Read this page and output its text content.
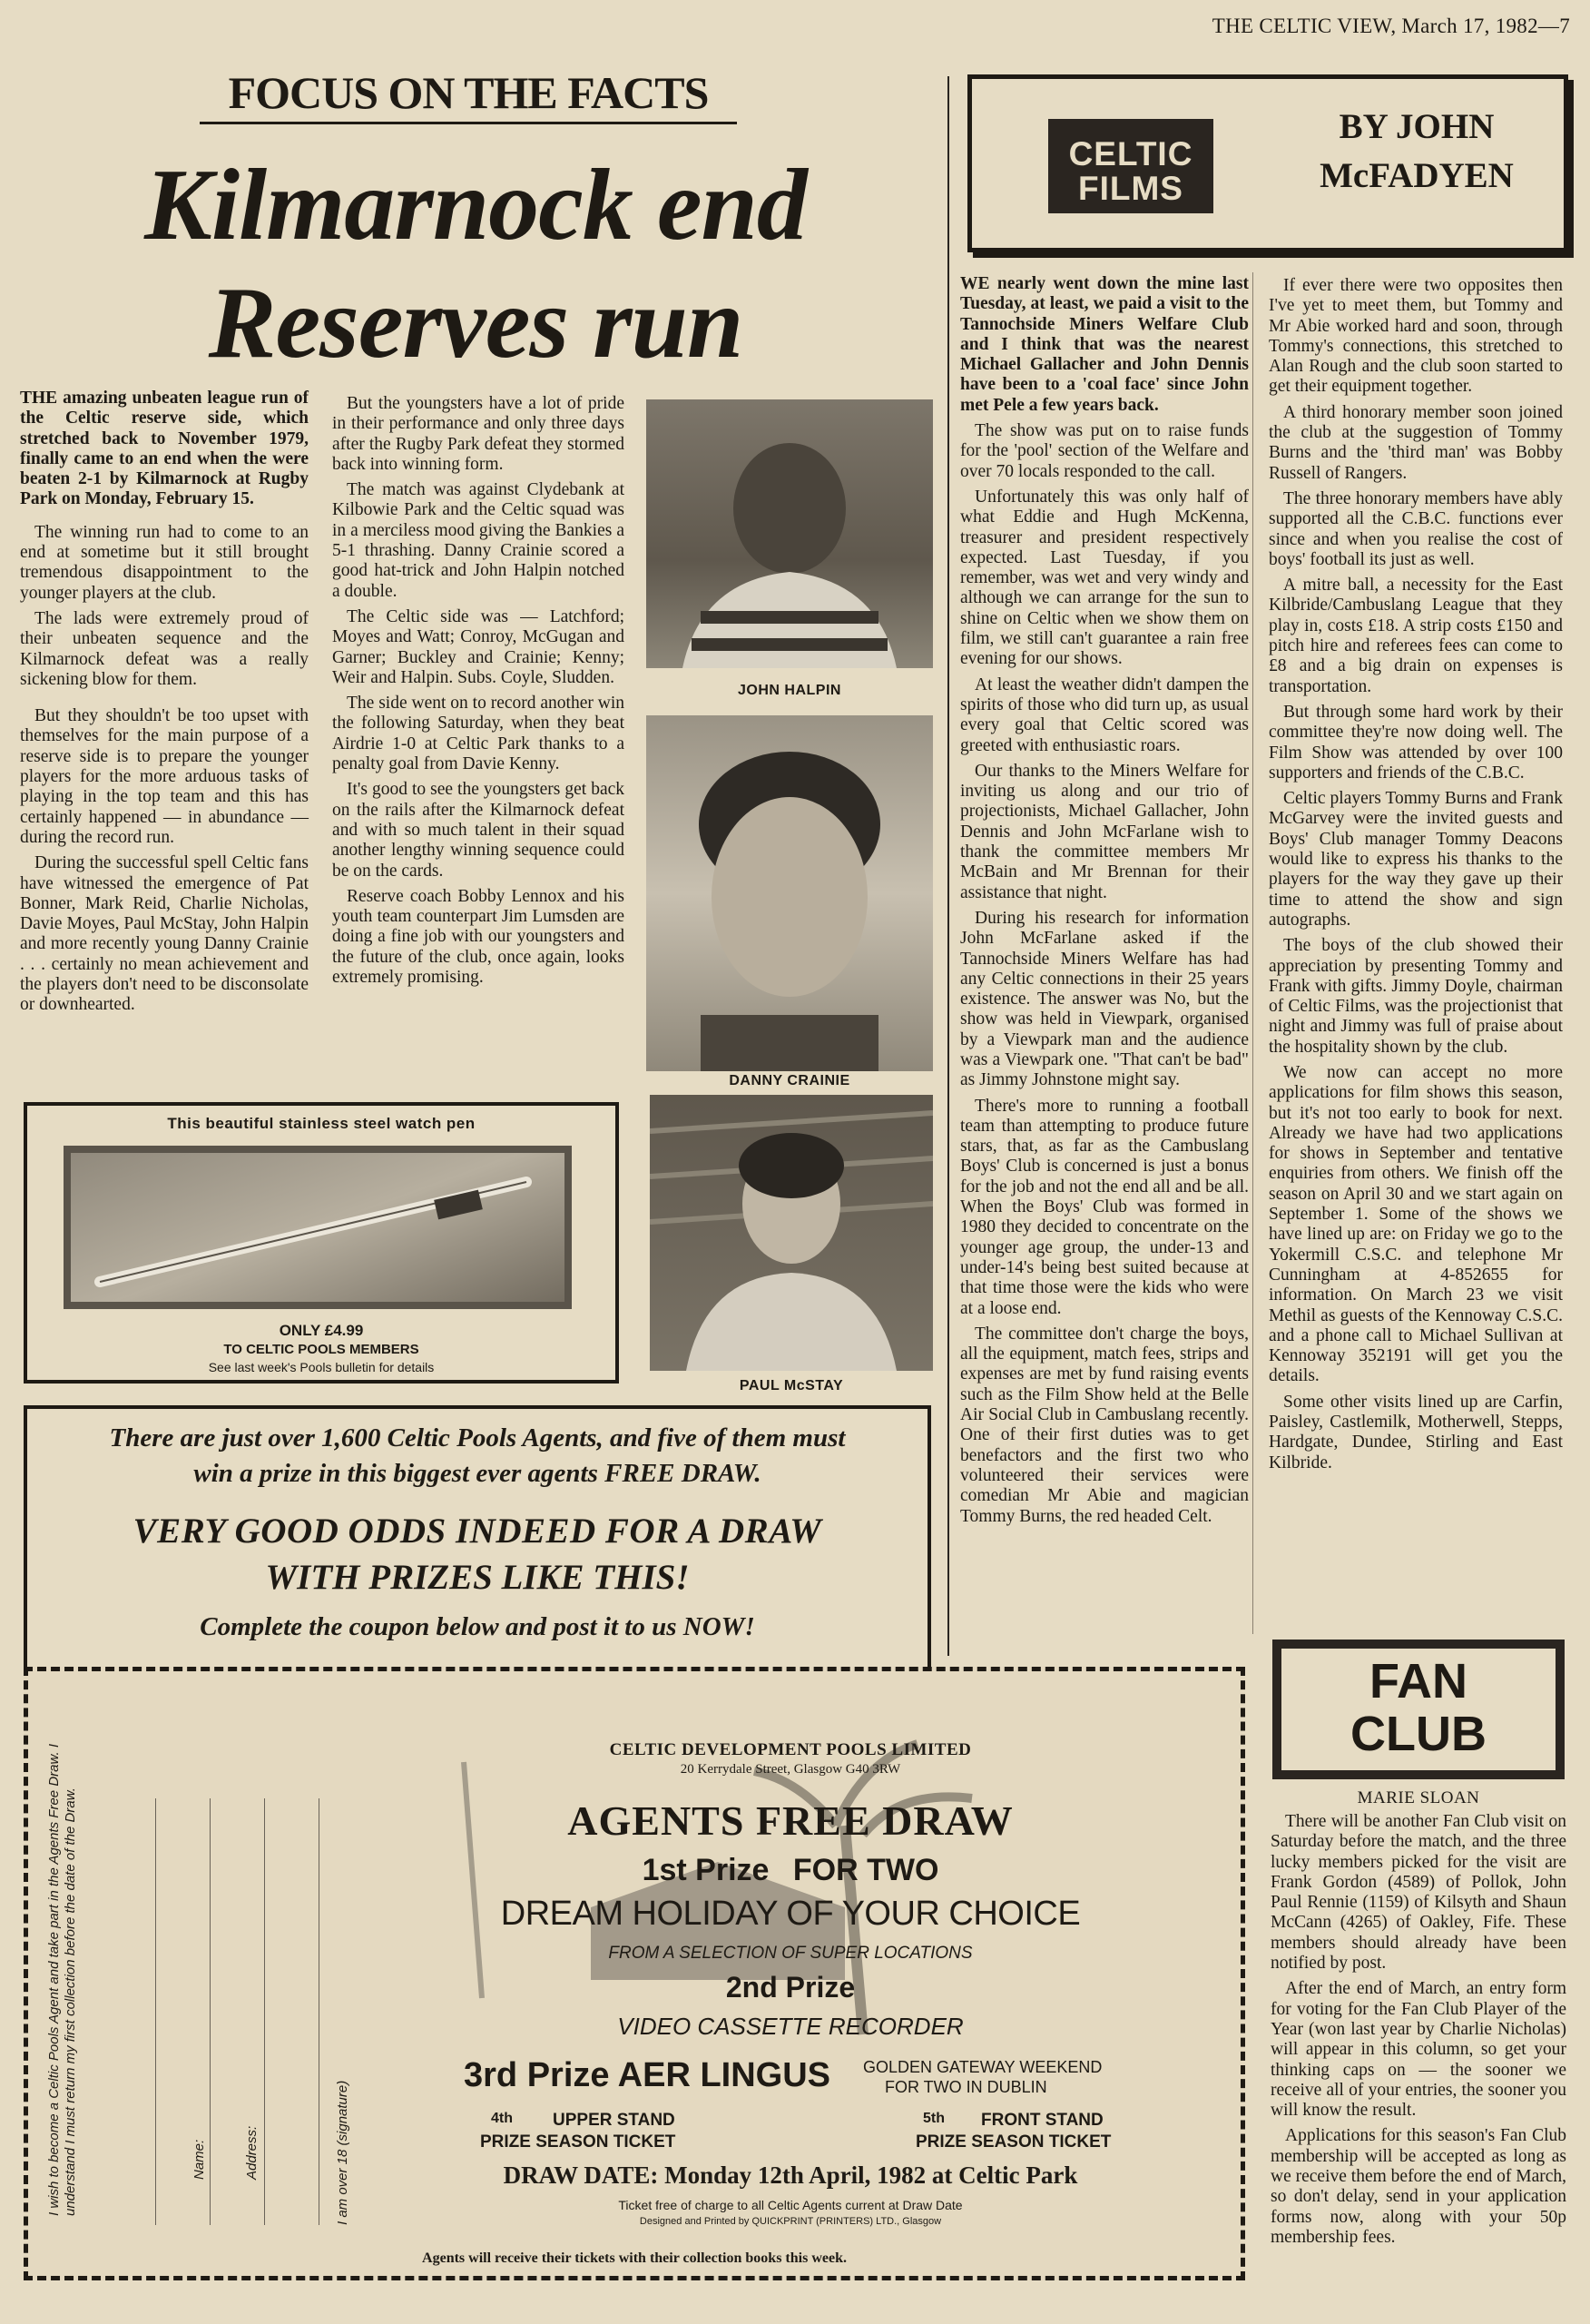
THE CELTIC VIEW, March 17, 1982—7
FOCUS ON THE FACTS
Kilmarnock end
Reserves run

THE amazing unbeaten league run of the Celtic reserve side, which stretched back to November 1979, finally came to an end when the were beaten 2-1 by Kilmarnock at Rugby Park on Monday, February 15.

The winning run had to come to an end at sometime but it still brought tremendous disappointment to the younger players at the club.

The lads were extremely proud of their unbeaten sequence and the Kilmarnock defeat was a really sickening blow for them.

But they shouldn't be too upset with themselves for the main purpose of a reserve side is to prepare the younger players for the more arduous tasks of playing in the top team and this has certainly happened — in abundance — during the record run.

During the successful spell Celtic fans have witnessed the emergence of Pat Bonner, Mark Reid, Charlie Nicholas, Davie Moyes, Paul McStay, John Halpin and more recently young Danny Crainie . . . certainly no mean achievement and the players don't need to be disconsolate or downhearted.

But the youngsters have a lot of pride in their performance and only three days after the Rugby Park defeat they stormed back into winning form.

The match was against Clydebank at Kilbowie Park and the Celtic squad was in a merciless mood giving the Bankies a 5-1 thrashing. Danny Crainie scored a good hat-trick and John Halpin notched a double.

The Celtic side was — Latchford; Moyes and Watt; Conroy, McGugan and Garner; Buckley and Crainie; Kenny; Weir and Halpin. Subs. Coyle, Sludden.

The side went on to record another win the following Saturday, when they beat Airdrie 1-0 at Celtic Park thanks to a penalty goal from Davie Kenny.

It's good to see the youngsters get back on the rails after the Kilmarnock defeat and with so much talent in their squad another lengthy winning sequence could be on the cards.

Reserve coach Bobby Lennox and his youth team counterpart Jim Lumsden are doing a fine job with our youngsters and the future of the club, once again, looks extremely promising.

JOHN HALPIN
DANNY CRAINIE
PAUL McSTAY
This beautiful stainless steel watch pen
ONLY £4.99
TO CELTIC POOLS MEMBERS
See last week's Pools bulletin for details
There are just over 1,600 Celtic Pools Agents, and five of them must
win a prize in this biggest ever agents FREE DRAW.
VERY GOOD ODDS INDEED FOR A DRAW
WITH PRIZES LIKE THIS!
Complete the coupon below and post it to us NOW!
I wish to become a Celtic Pools Agent and take part in the Agents Free Draw. I understand I must return my first collection before the date of the Draw.	Name:	Address:	I am over 18 (signature)
CELTIC DEVELOPMENT POOLS LIMITED
20 Kerrydale Street, Glasgow G40 3RW
AGENTS FREE DRAW
1st Prize FOR TWO
DREAM HOLIDAY OF YOUR CHOICE
FROM A SELECTION OF SUPER LOCATIONS
2nd Prize
VIDEO CASSETTE RECORDER
3rd Prize AER LINGUS GOLDEN GATEWAY WEEKEND
FOR TWO IN DUBLIN
4th UPPER STAND
PRIZE SEASON TICKET
5th FRONT STAND
PRIZE SEASON TICKET
DRAW DATE: Monday 12th April, 1982 at Celtic Park
Ticket free of charge to all Celtic Agents current at Draw Date
Designed and Printed by QUICKPRINT (PRINTERS) LTD., Glasgow
Agents will receive their tickets with their collection books this week.
CELTIC
FILMS
BY JOHN
McFADYEN

WE nearly went down the mine last Tuesday, at least, we paid a visit to the Tannochside Miners Welfare Club and I think that was the nearest Michael Gallacher and John Dennis have been to a 'coal face' since John met Pele a few years back.

The show was put on to raise funds for the 'pool' section of the Welfare and over 70 locals responded to the call.

Unfortunately this was only half of what Eddie and Hugh McKenna, treasurer and president respectively expected. Last Tuesday, if you remember, was wet and very windy and although we can arrange for the sun to shine on Celtic when we show them on film, we still can't guarantee a rain free evening for our shows.

At least the weather didn't dampen the spirits of those who did turn up, as usual every goal that Celtic scored was greeted with enthusiastic roars.

Our thanks to the Miners Welfare for inviting us along and our trio of projectionists, Michael Gallacher, John Dennis and John McFarlane wish to thank the committee members Mr McBain and Mr Brennan for their assistance that night.

During his research for information John McFarlane asked if the Tannochside Miners Welfare has had any Celtic connections in their 25 years existence. The answer was No, but the show was held in Viewpark, organised by a Viewpark man and the audience was a Viewpark one. "That can't be bad" as Jimmy Johnstone might say.

There's more to running a football team than attempting to produce future stars, that, as far as the Cambuslang Boys' Club is concerned is just a bonus for the job and not the end all and be all. When the Boys' Club was formed in 1980 they decided to concentrate on the younger age group, the under-13 and under-14's being best suited because at that time those were the kids who were at a loose end.

The committee don't charge the boys, all the equipment, match fees, strips and expenses are met by fund raising events such as the Film Show held at the Belle Air Social Club in Cambuslang recently. One of their first duties was to get benefactors and the first two who volunteered their services were comedian Mr Abie and magician Tommy Burns, the red headed Celt.

If ever there were two opposites then I've yet to meet them, but Tommy and Mr Abie worked hard and soon, through Tommy's connections, this stretched to Alan Rough and the club soon started to get their equipment together.

A third honorary member soon joined the club at the suggestion of Tommy Burns and the 'third man' was Bobby Russell of Rangers.

The three honorary members have ably supported all the C.B.C. functions ever since and when you realise the cost of boys' football its just as well.

A mitre ball, a necessity for the East Kilbride/Cambuslang League that they play in, costs £18. A strip costs £150 and pitch hire and referees fees can come to £8 and a big drain on expenses is transportation.

But through some hard work by their committee they're now doing well. The Film Show was attended by over 100 supporters and friends of the C.B.C.

Celtic players Tommy Burns and Frank McGarvey were the invited guests and Boys' Club manager Tommy Deacons would like to express his thanks to the players for the way they gave up their time to attend the show and sign autographs.

The boys of the club showed their appreciation by presenting Tommy and Frank with gifts. Jimmy Doyle, chairman of Celtic Films, was the projectionist that night and Jimmy was full of praise about the hospitality shown by the club.

We now can accept no more applications for film shows this season, but it's not too early to book for next. Already we have had two applications for shows in September and tentative enquiries from others. We finish off the season on April 30 and we start again on September 1. Some of the shows we have lined up are: on Friday we go to the Yokermill C.S.C. and telephone Mr Cunningham at 4-852655 for information. On March 23 we visit Methil as guests of the Kennoway C.S.C. and a phone call to Michael Sullivan at Kennoway 352191 will get you the details.

Some other visits lined up are Carfin, Paisley, Castlemilk, Motherwell, Stepps, Hardgate, Dundee, Stirling and East Kilbride.

FAN
CLUB
MARIE SLOAN

There will be another Fan Club visit on Saturday before the match, and the three lucky members picked for the visit are Frank Gordon (4589) of Pollok, John Paul Rennie (1159) of Kilsyth and Shaun McCann (4265) of Oakley, Fife. These members should already have been notified by post.

After the end of March, an entry form for voting for the Fan Club Player of the Year (won last year by Charlie Nicholas) will appear in this column, so get your thinking caps on — the sooner we receive all of your entries, the sooner you will know the result.

Applications for this season's Fan Club membership will be accepted as long as we receive them before the end of March, so don't delay, send in your application forms now, along with your 50p membership fees.
